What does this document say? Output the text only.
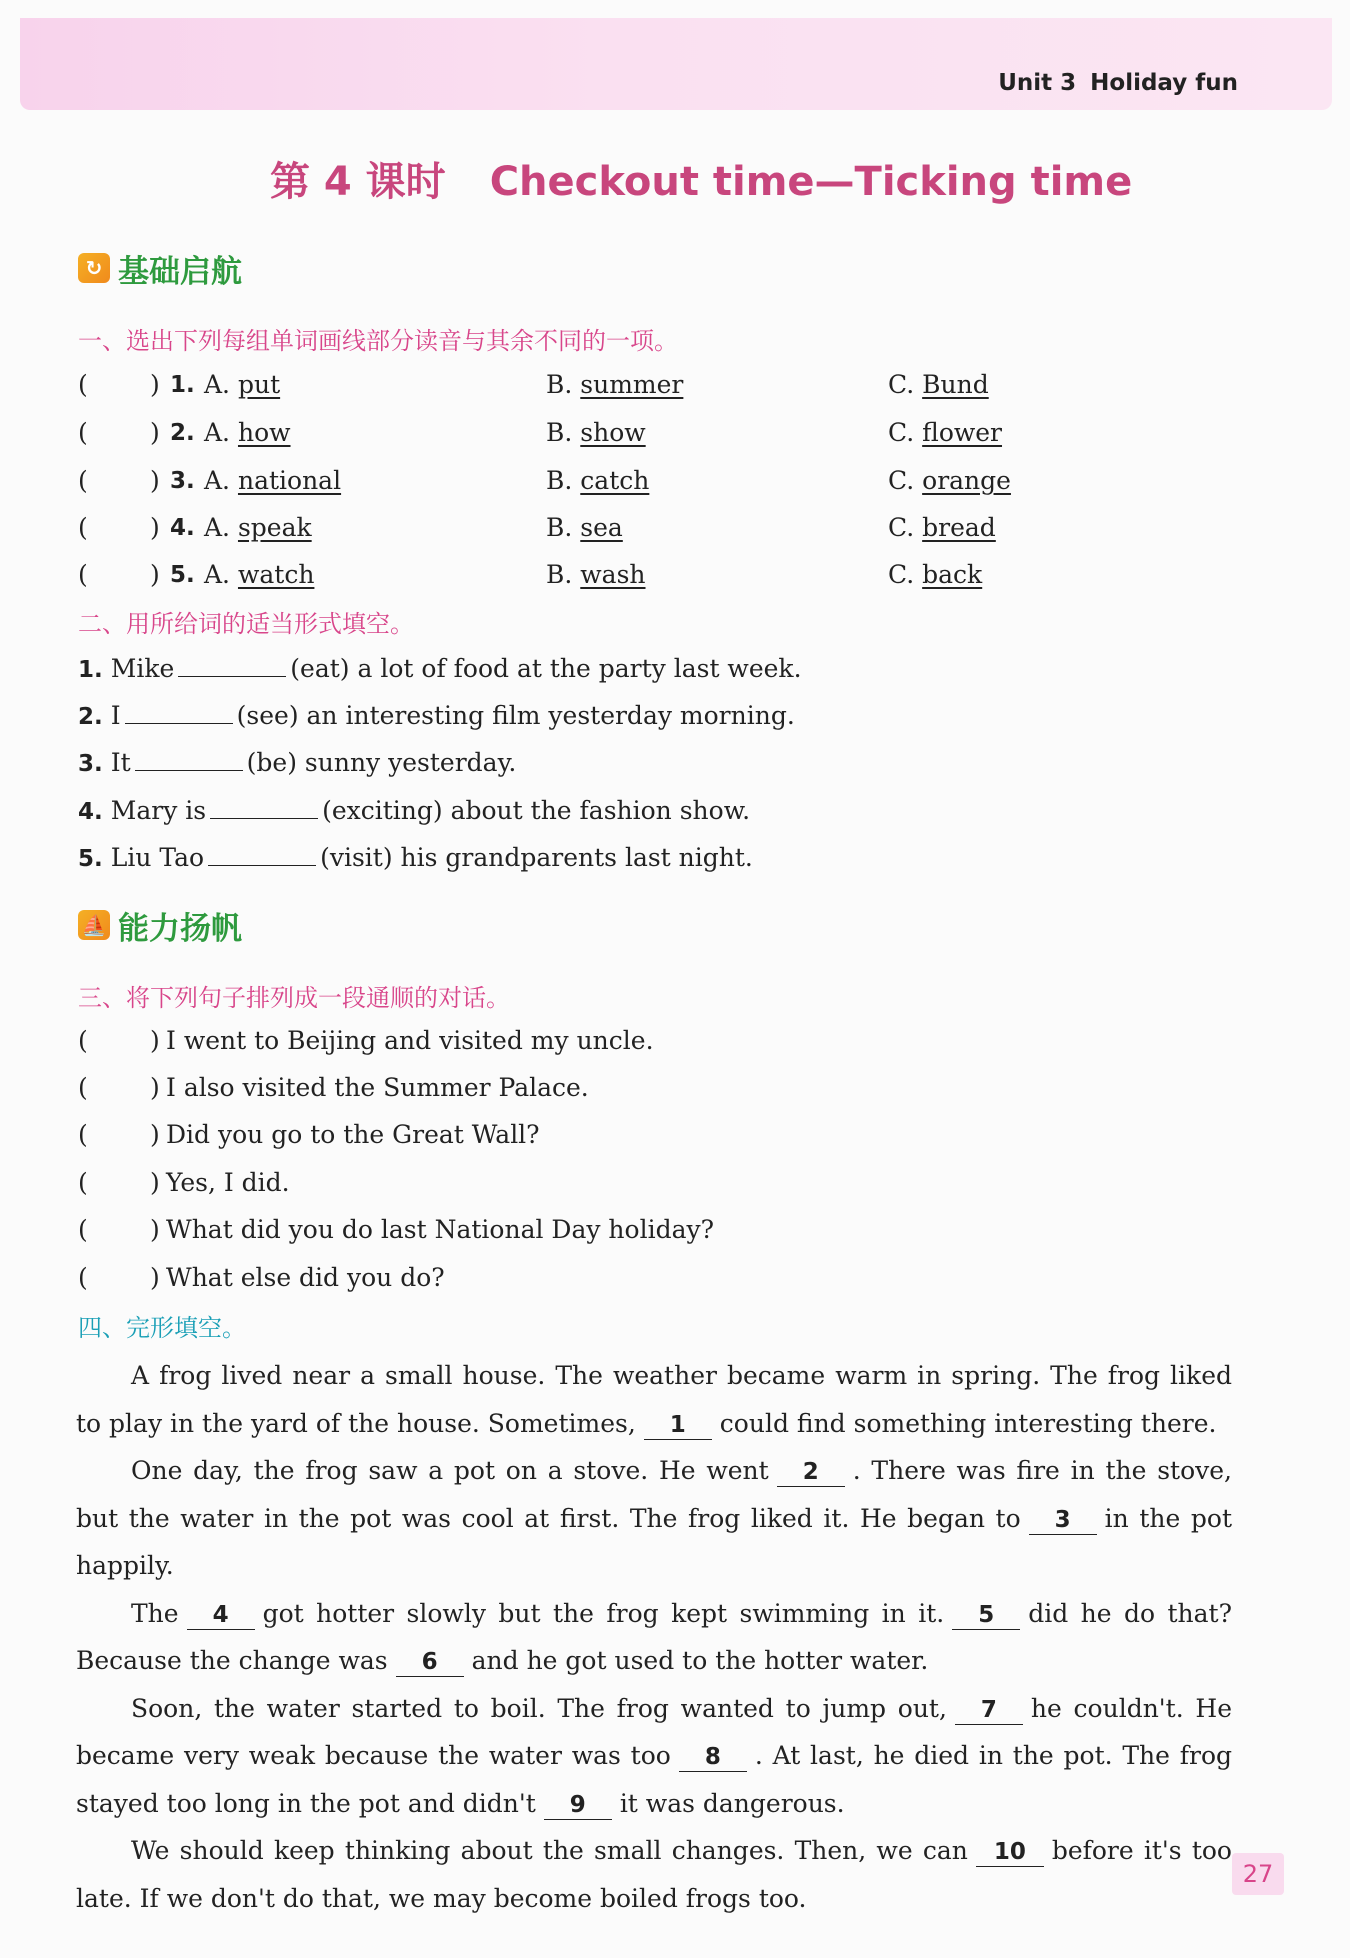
Unit 3 Holiday fun
第 4 课时 Checkout time—Ticking time
↻ 基础启航
一、选出下列每组单词画线部分读音与其余不同的一项。
( ) 1. A. put	B. summer	C. Bund
( ) 2. A. how	B. show	C. flower
( ) 3. A. national	B. catch	C. orange
( ) 4. A. speak	B. sea	C. bread
( ) 5. A. watch	B. wash	C. back
二、用所给词的适当形式填空。
1. Mike	(eat) a lot of food at the party last week.
2. I	(see) an interesting film yesterday morning.
3. It	(be) sunny yesterday.
4. Mary is	(exciting) about the fashion show.
5. Liu Tao	(visit) his grandparents last night.
⛵ 能力扬帆
三、将下列句子排列成一段通顺的对话。
( ) I went to Beijing and visited my uncle.
( ) I also visited the Summer Palace.
( ) Did you go to the Great Wall?
( ) Yes, I did.
( ) What did you do last National Day holiday?
( ) What else did you do?
四、完形填空。

A frog lived near a small house. The weather became warm in spring. The frog liked to play in the yard of the house. Sometimes, 1 could find something interesting there.

One day, the frog saw a pot on a stove. He went 2 . There was fire in the stove, but the water in the pot was cool at first. The frog liked it. He began to 3 in the pot happily.

The 4 got hotter slowly but the frog kept swimming in it. 5 did he do that? Because the change was 6 and he got used to the hotter water.

Soon, the water started to boil. The frog wanted to jump out, 7 he couldn't. He became very weak because the water was too 8 . At last, he died in the pot. The frog stayed too long in the pot and didn't 9 it was dangerous.

We should keep thinking about the small changes. Then, we can 10 before it's too late. If we don't do that, we may become boiled frogs too.

27
